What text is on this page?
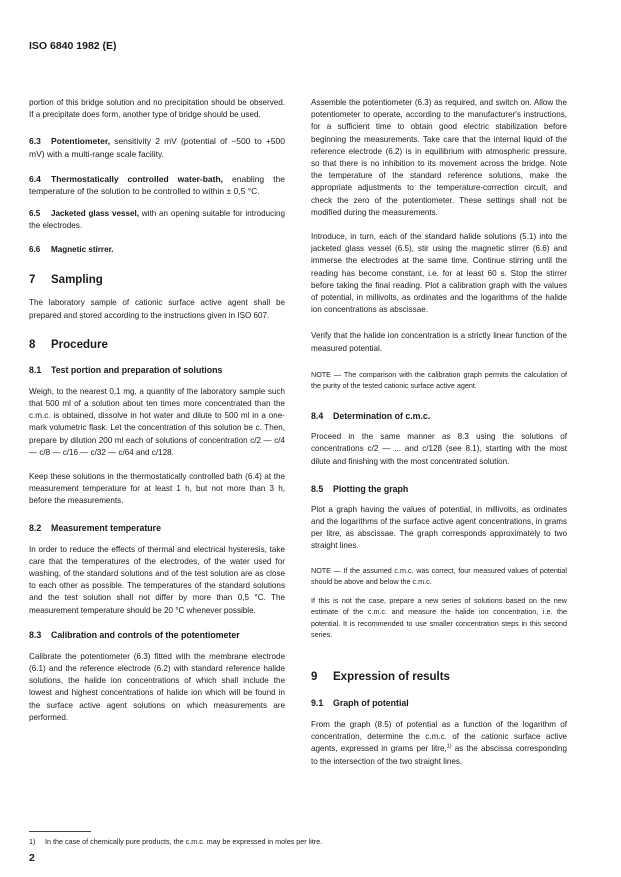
ISO 6840 1982 (E)
portion of this bridge solution and no precipitation should be observed. If a precipitate does form, another type of bridge should be used.
6.3 Potentiometer, sensitivity 2 mV (potential of −500 to +500 mV) with a multi-range scale facility.
6.4 Thermostatically controlled water-bath, enabling the temperature of the solution to be controlled to within ± 0,5 °C.
6.5 Jacketed glass vessel, with an opening suitable for introducing the electrodes.
6.6 Magnetic stirrer.
7 Sampling
The laboratory sample of cationic surface active agent shall be prepared and stored according to the instructions given in ISO 607.
8 Procedure
8.1 Test portion and preparation of solutions
Weigh, to the nearest 0,1 mg, a quantity of the laboratory sample such that 500 ml of a solution about ten times more concentrated than the c.m.c. is obtained, dissolve in hot water and dilute to 500 ml in a one-mark volumetric flask. Let the concentration of this solution be c. Then, prepare by dilution 200 ml each of solutions of concentration c/2 — c/4 — c/8 — c/16 — c/32 — c/64 and c/128.
Keep these solutions in the thermostatically controlled bath (6.4) at the measurement temperature for at least 1 h, but not more than 3 h, before the measurements.
8.2 Measurement temperature
In order to reduce the effects of thermal and electrical hysteresis, take care that the temperatures of the electrodes, of the water used for washing, of the standard solutions and of the test solution are as close to each other as possible. The temperatures of the standard solutions and the test solution shall not differ by more than 0,5 °C. The measurement temperature should be 20 °C whenever possible.
8.3 Calibration and controls of the potentiometer
Calibrate the potentiometer (6.3) fitted with the membrane electrode (6.1) and the reference electrode (6.2) with standard reference halide solutions, the halide ion concentrations of which shall include the lowest and highest concentrations of halide ion which will be found in the surface active agent solutions on which measurements are performed.
Assemble the potentiometer (6.3) as required, and switch on. Allow the potentiometer to operate, according to the manufacturer's instructions, for a sufficient time to obtain good electric stabilization before beginning the measurements. Take care that the internal liquid of the reference electrode (6.2) is in equilibrium with atmospheric pressure, so that there is no inhibition to its movement across the bridge. Note the temperature of the standard reference solutions, make the appropriate adjustments to the temperature-correction circuit, and check the zero of the potentiometer. These settings shall not be modified during the measurements.
Introduce, in turn, each of the standard halide solutions (5.1) into the jacketed glass vessel (6.5), stir using the magnetic stirrer (6.6) and immerse the electrodes at the same time. Continue stirring until the reading has become constant, i.e. for at least 60 s. Stop the stirrer before taking the final reading. Plot a calibration graph with the values of potential, in millivolts, as ordinates and the logarithms of the halide ion concentrations as abscissae.
Verify that the halide ion concentration is a strictly linear function of the measured potential.
NOTE — The comparison with the calibration graph permits the calculation of the purity of the tested cationic surface active agent.
8.4 Determination of c.m.c.
Proceed in the same manner as 8.3 using the solutions of concentrations c/2 — ... and c/128 (see 8.1), starting with the most dilute and finishing with the most concentrated solution.
8.5 Plotting the graph
Plot a graph having the values of potential, in millivolts, as ordinates and the logarithms of the surface active agent concentrations, in grams per litre, as abscissae. The graph corresponds approximately to two straight lines.
NOTE — If the assumed c.m.c. was correct, four measured values of potential should be above and below the c.m.c.
If this is not the case, prepare a new series of solutions based on the new estimate of the c.m.c. and measure the halide ion concentration, i.e. the potential. It is recommended to use smaller concentration steps in this second series.
9 Expression of results
9.1 Graph of potential
From the graph (8.5) of potential as a function of the logarithm of concentration, determine the c.m.c. of the cationic surface active agents, expressed in grams per litre,$^{1)}$ as the abscissa corresponding to the intersection of the two straight lines.
1) In the case of chemically pure products, the c.m.c. may be expressed in moles per litre.
2
